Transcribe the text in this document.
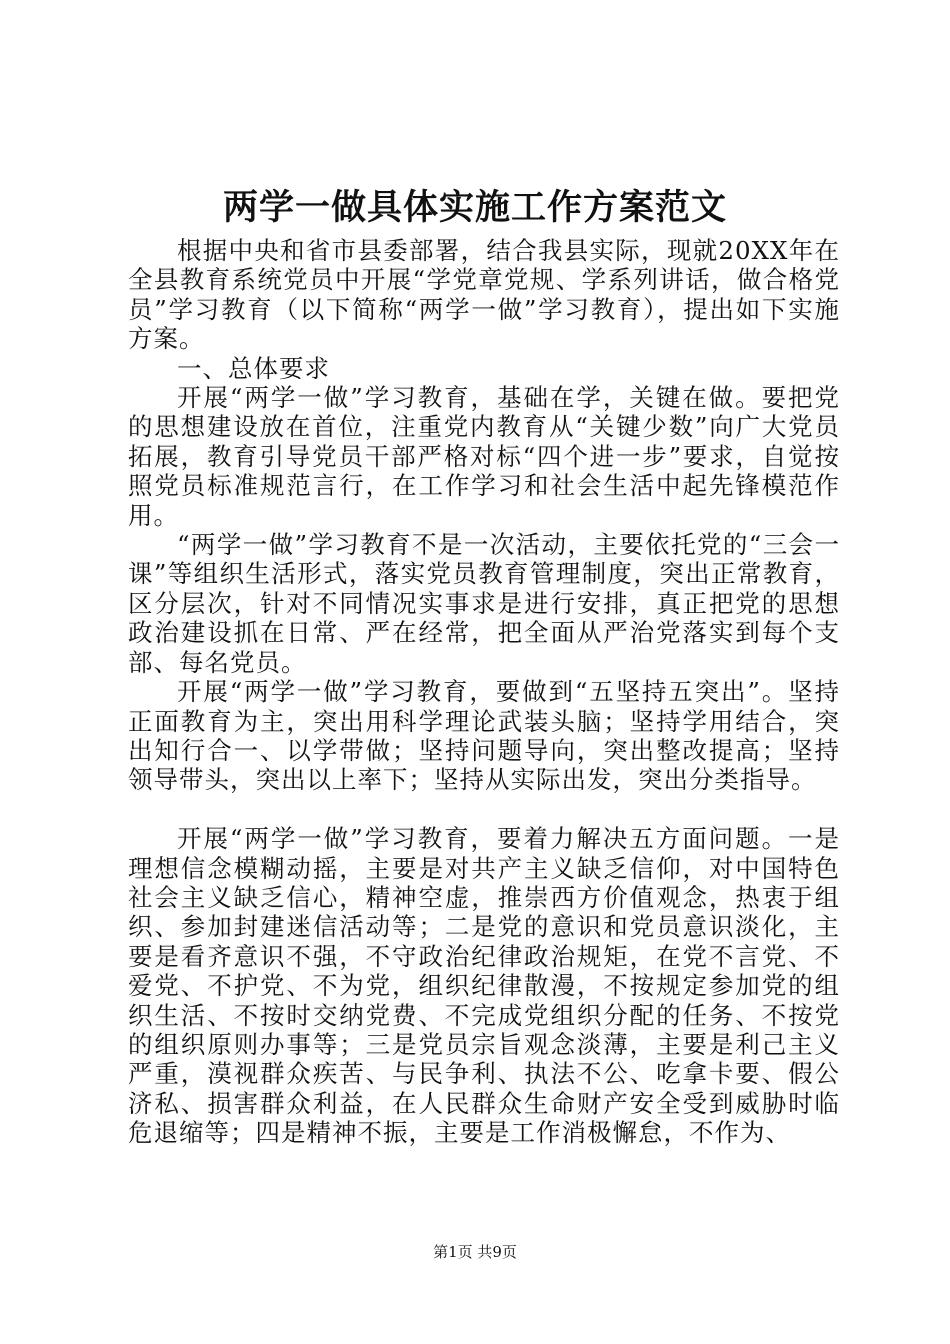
两学一做具体实施工作方案范文

根据中央和省市县委部署，结合我县实际，现就20XX年在全县教育系统党员中开展“学党章党规、学系列讲话，做合格党员”学习教育（以下简称“两学一做”学习教育），提出如下实施方案。

一、总体要求

开展“两学一做”学习教育，基础在学，关键在做。要把党的思想建设放在首位，注重党内教育从“关键少数”向广大党员拓展，教育引导党员干部严格对标“四个进一步”要求，自觉按照党员标准规范言行，在工作学习和社会生活中起先锋模范作用。

“两学一做”学习教育不是一次活动，主要依托党的“三会一课”等组织生活形式，落实党员教育管理制度，突出正常教育，区分层次，针对不同情况实事求是进行安排，真正把党的思想政治建设抓在日常、严在经常，把全面从严治党落实到每个支部、每名党员。

开展“两学一做”学习教育，要做到“五坚持五突出”。坚持正面教育为主，突出用科学理论武装头脑；坚持学用结合，突出知行合一、以学带做；坚持问题导向，突出整改提高；坚持领导带头，突出以上率下；坚持从实际出发，突出分类指导。

开展“两学一做”学习教育，要着力解决五方面问题。一是理想信念模糊动摇，主要是对共产主义缺乏信仰，对中国特色社会主义缺乏信心，精神空虚，推崇西方价值观念，热衷于组织、参加封建迷信活动等；二是党的意识和党员意识淡化，主要是看齐意识不强，不守政治纪律政治规矩，在党不言党、不爱党、不护党、不为党，组织纪律散漫，不按规定参加党的组织生活、不按时交纳党费、不完成党组织分配的任务、不按党的组织原则办事等；三是党员宗旨观念淡薄，主要是利己主义严重，漠视群众疾苦、与民争利、执法不公、吃拿卡要、假公济私、损害群众利益，在人民群众生命财产安全受到威胁时临危退缩等；四是精神不振，主要是工作消极懈怠，不作为、

第1页 共9页
